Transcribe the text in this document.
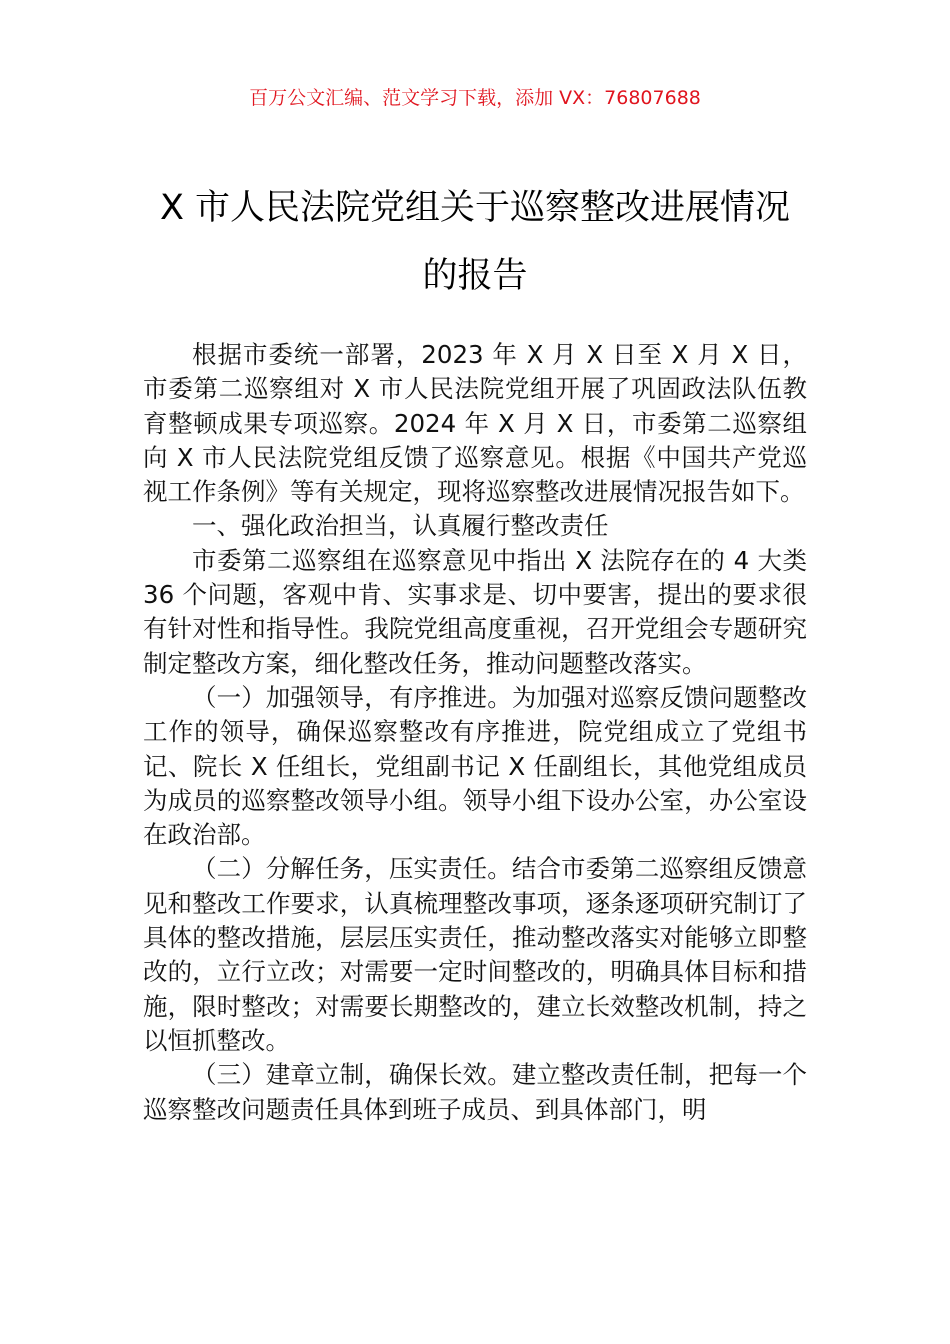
百万公文汇编、范文学习下载，添加 VX：76807688
X 市人民法院党组关于巡察整改进展情况
的报告

根据市委统一部署，2023 年 X 月 X 日至 X 月 X 日，市委第二巡察组对 X 市人民法院党组开展了巩固政法队伍教育整顿成果专项巡察。2024 年 X 月 X 日，市委第二巡察组向 X 市人民法院党组反馈了巡察意见。根据《中国共产党巡视工作条例》等有关规定，现将巡察整改进展情况报告如下。

一、强化政治担当，认真履行整改责任

市委第二巡察组在巡察意见中指出 X 法院存在的 4 大类 36 个问题，客观中肯、实事求是、切中要害，提出的要求很有针对性和指导性。我院党组高度重视，召开党组会专题研究制定整改方案，细化整改任务，推动问题整改落实。

（一）加强领导，有序推进。为加强对巡察反馈问题整改工作的领导，确保巡察整改有序推进，院党组成立了党组书记、院长 X 任组长，党组副书记 X 任副组长，其他党组成员为成员的巡察整改领导小组。领导小组下设办公室，办公室设在政治部。

（二）分解任务，压实责任。结合市委第二巡察组反馈意见和整改工作要求，认真梳理整改事项，逐条逐项研究制订了具体的整改措施，层层压实责任，推动整改落实对能够立即整改的，立行立改；对需要一定时间整改的，明确具体目标和措施，限时整改；对需要长期整改的，建立长效整改机制，持之以恒抓整改。

（三）建章立制，确保长效。建立整改责任制，把每一个巡察整改问题责任具体到班子成员、到具体部门，明
